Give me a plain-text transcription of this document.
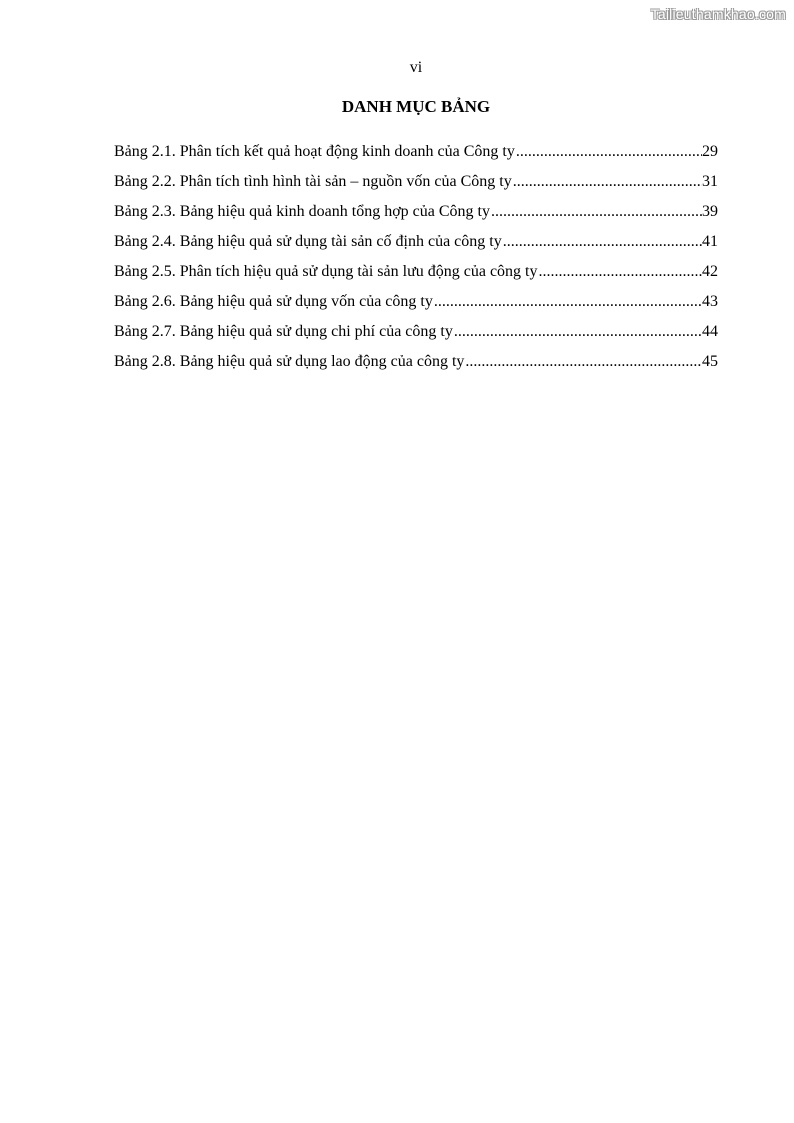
Tailieuthamkhao.com
vi
DANH MỤC BẢNG
Bảng 2.1. Phân tích kết quả hoạt động kinh doanh của Công ty .....	29
Bảng 2.2. Phân tích tình hình tài sản – nguồn vốn của Công ty .....	31
Bảng 2.3. Bảng hiệu quả kinh doanh tổng hợp của Công ty .....	39
Bảng 2.4. Bảng hiệu quả sử dụng tài sản cố định của công ty .....	41
Bảng 2.5. Phân tích hiệu quả sử dụng tài sản lưu động của công ty .....	42
Bảng 2.6. Bảng hiệu quả sử dụng vốn của công ty .....	43
Bảng 2.7. Bảng hiệu quả sử dụng chi phí của công ty .....	44
Bảng 2.8. Bảng hiệu quả sử dụng lao động của công ty .....	45
